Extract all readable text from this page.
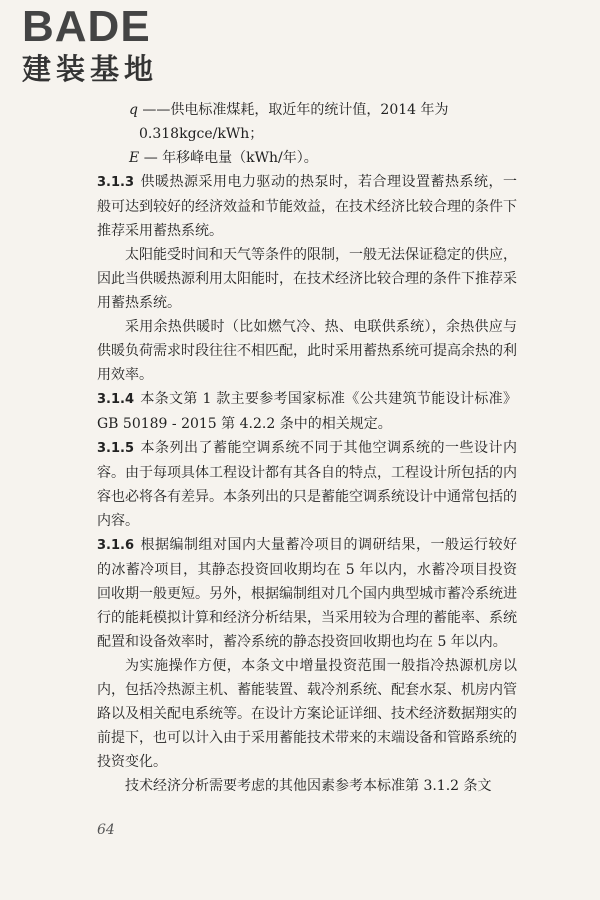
BADE
建装基地

q ——供电标准煤耗，取近年的统计值，2014 年为

0.318kgce/kWh；

E — 年移峰电量（kWh/年）。

3.1.3 供暖热源采用电力驱动的热泵时，若合理设置蓄热系统，一般可达到较好的经济效益和节能效益，在技术经济比较合理的条件下推荐采用蓄热系统。

太阳能受时间和天气等条件的限制，一般无法保证稳定的供应，因此当供暖热源利用太阳能时，在技术经济比较合理的条件下推荐采用蓄热系统。

采用余热供暖时（比如燃气冷、热、电联供系统），余热供应与供暖负荷需求时段往往不相匹配，此时采用蓄热系统可提高余热的利用效率。

3.1.4 本条文第 1 款主要参考国家标准《公共建筑节能设计标准》GB 50189 - 2015 第 4.2.2 条中的相关规定。

3.1.5 本条列出了蓄能空调系统不同于其他空调系统的一些设计内容。由于每项具体工程设计都有其各自的特点，工程设计所包括的内容也必将各有差异。本条列出的只是蓄能空调系统设计中通常包括的内容。

3.1.6 根据编制组对国内大量蓄冷项目的调研结果，一般运行较好的冰蓄冷项目，其静态投资回收期均在 5 年以内，水蓄冷项目投资回收期一般更短。另外，根据编制组对几个国内典型城市蓄冷系统进行的能耗模拟计算和经济分析结果，当采用较为合理的蓄能率、系统配置和设备效率时，蓄冷系统的静态投资回收期也均在 5 年以内。

为实施操作方便，本条文中增量投资范围一般指冷热源机房以内，包括冷热源主机、蓄能装置、载冷剂系统、配套水泵、机房内管路以及相关配电系统等。在设计方案论证详细、技术经济数据翔实的前提下，也可以计入由于采用蓄能技术带来的末端设备和管路系统的投资变化。

技术经济分析需要考虑的其他因素参考本标准第 3.1.2 条文

64
